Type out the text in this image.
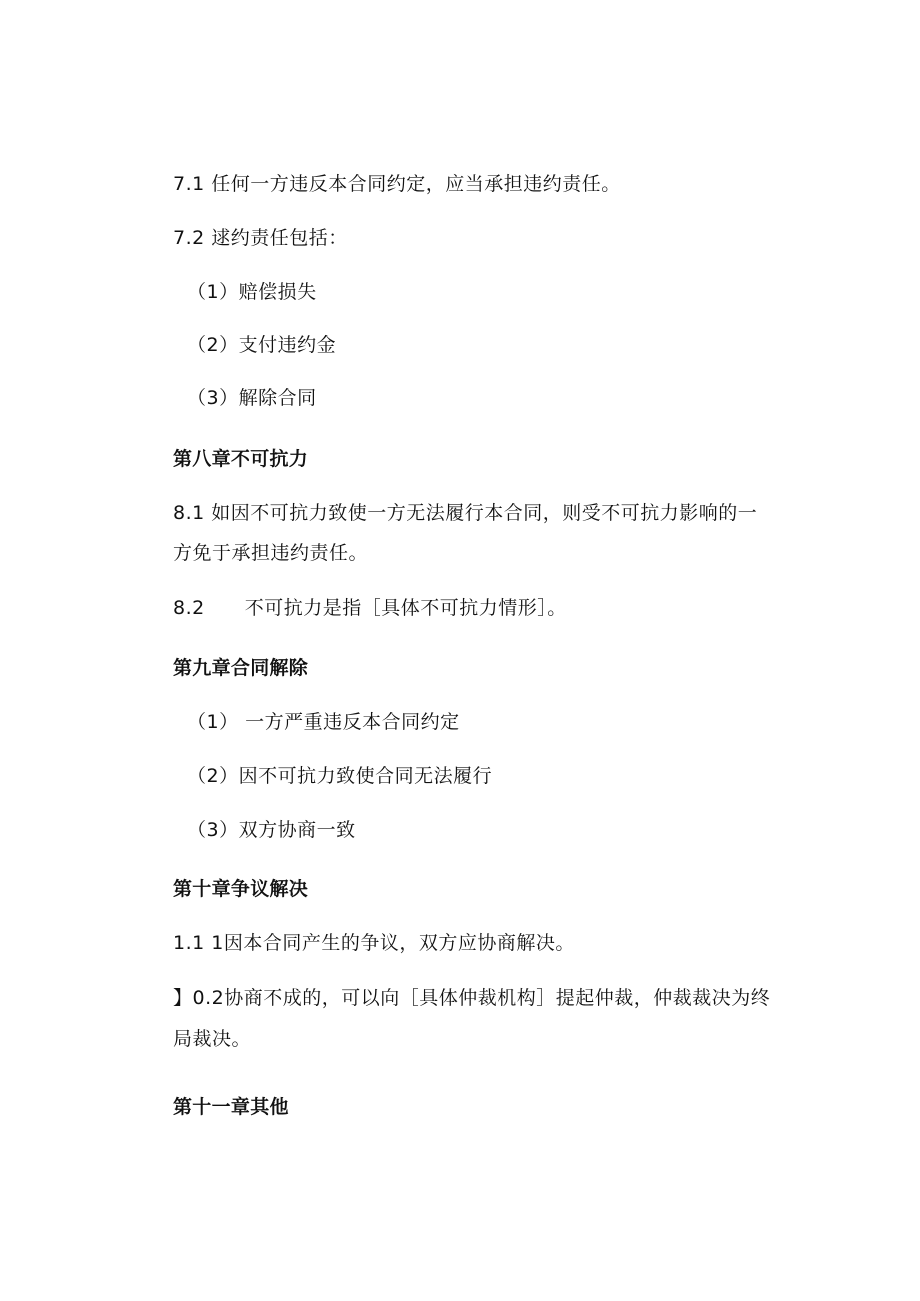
7.1 任何一方违反本合同约定，应当承担违约责任。

7.2 逑约责任包括：

（1）赔偿损失

（2）支付违约金

（3）解除合同

第八章不可抗力

8.1 如因不可抗力致使一方无法履行本合同，则受不可抗力影响的一

方免于承担违约责任。

8.2 不可抗力是指［具体不可抗力情形］。

第九章合同解除

（1） 一方严重违反本合同约定

（2）因不可抗力致使合同无法履行

（3）双方协商一致

第十章争议解决

1.1 1因本合同产生的争议，双方应协商解决。

】0.2协商不成的，可以向［具体仲裁机构］提起仲裁，仲裁裁决为终

局裁决。

第十一章其他
